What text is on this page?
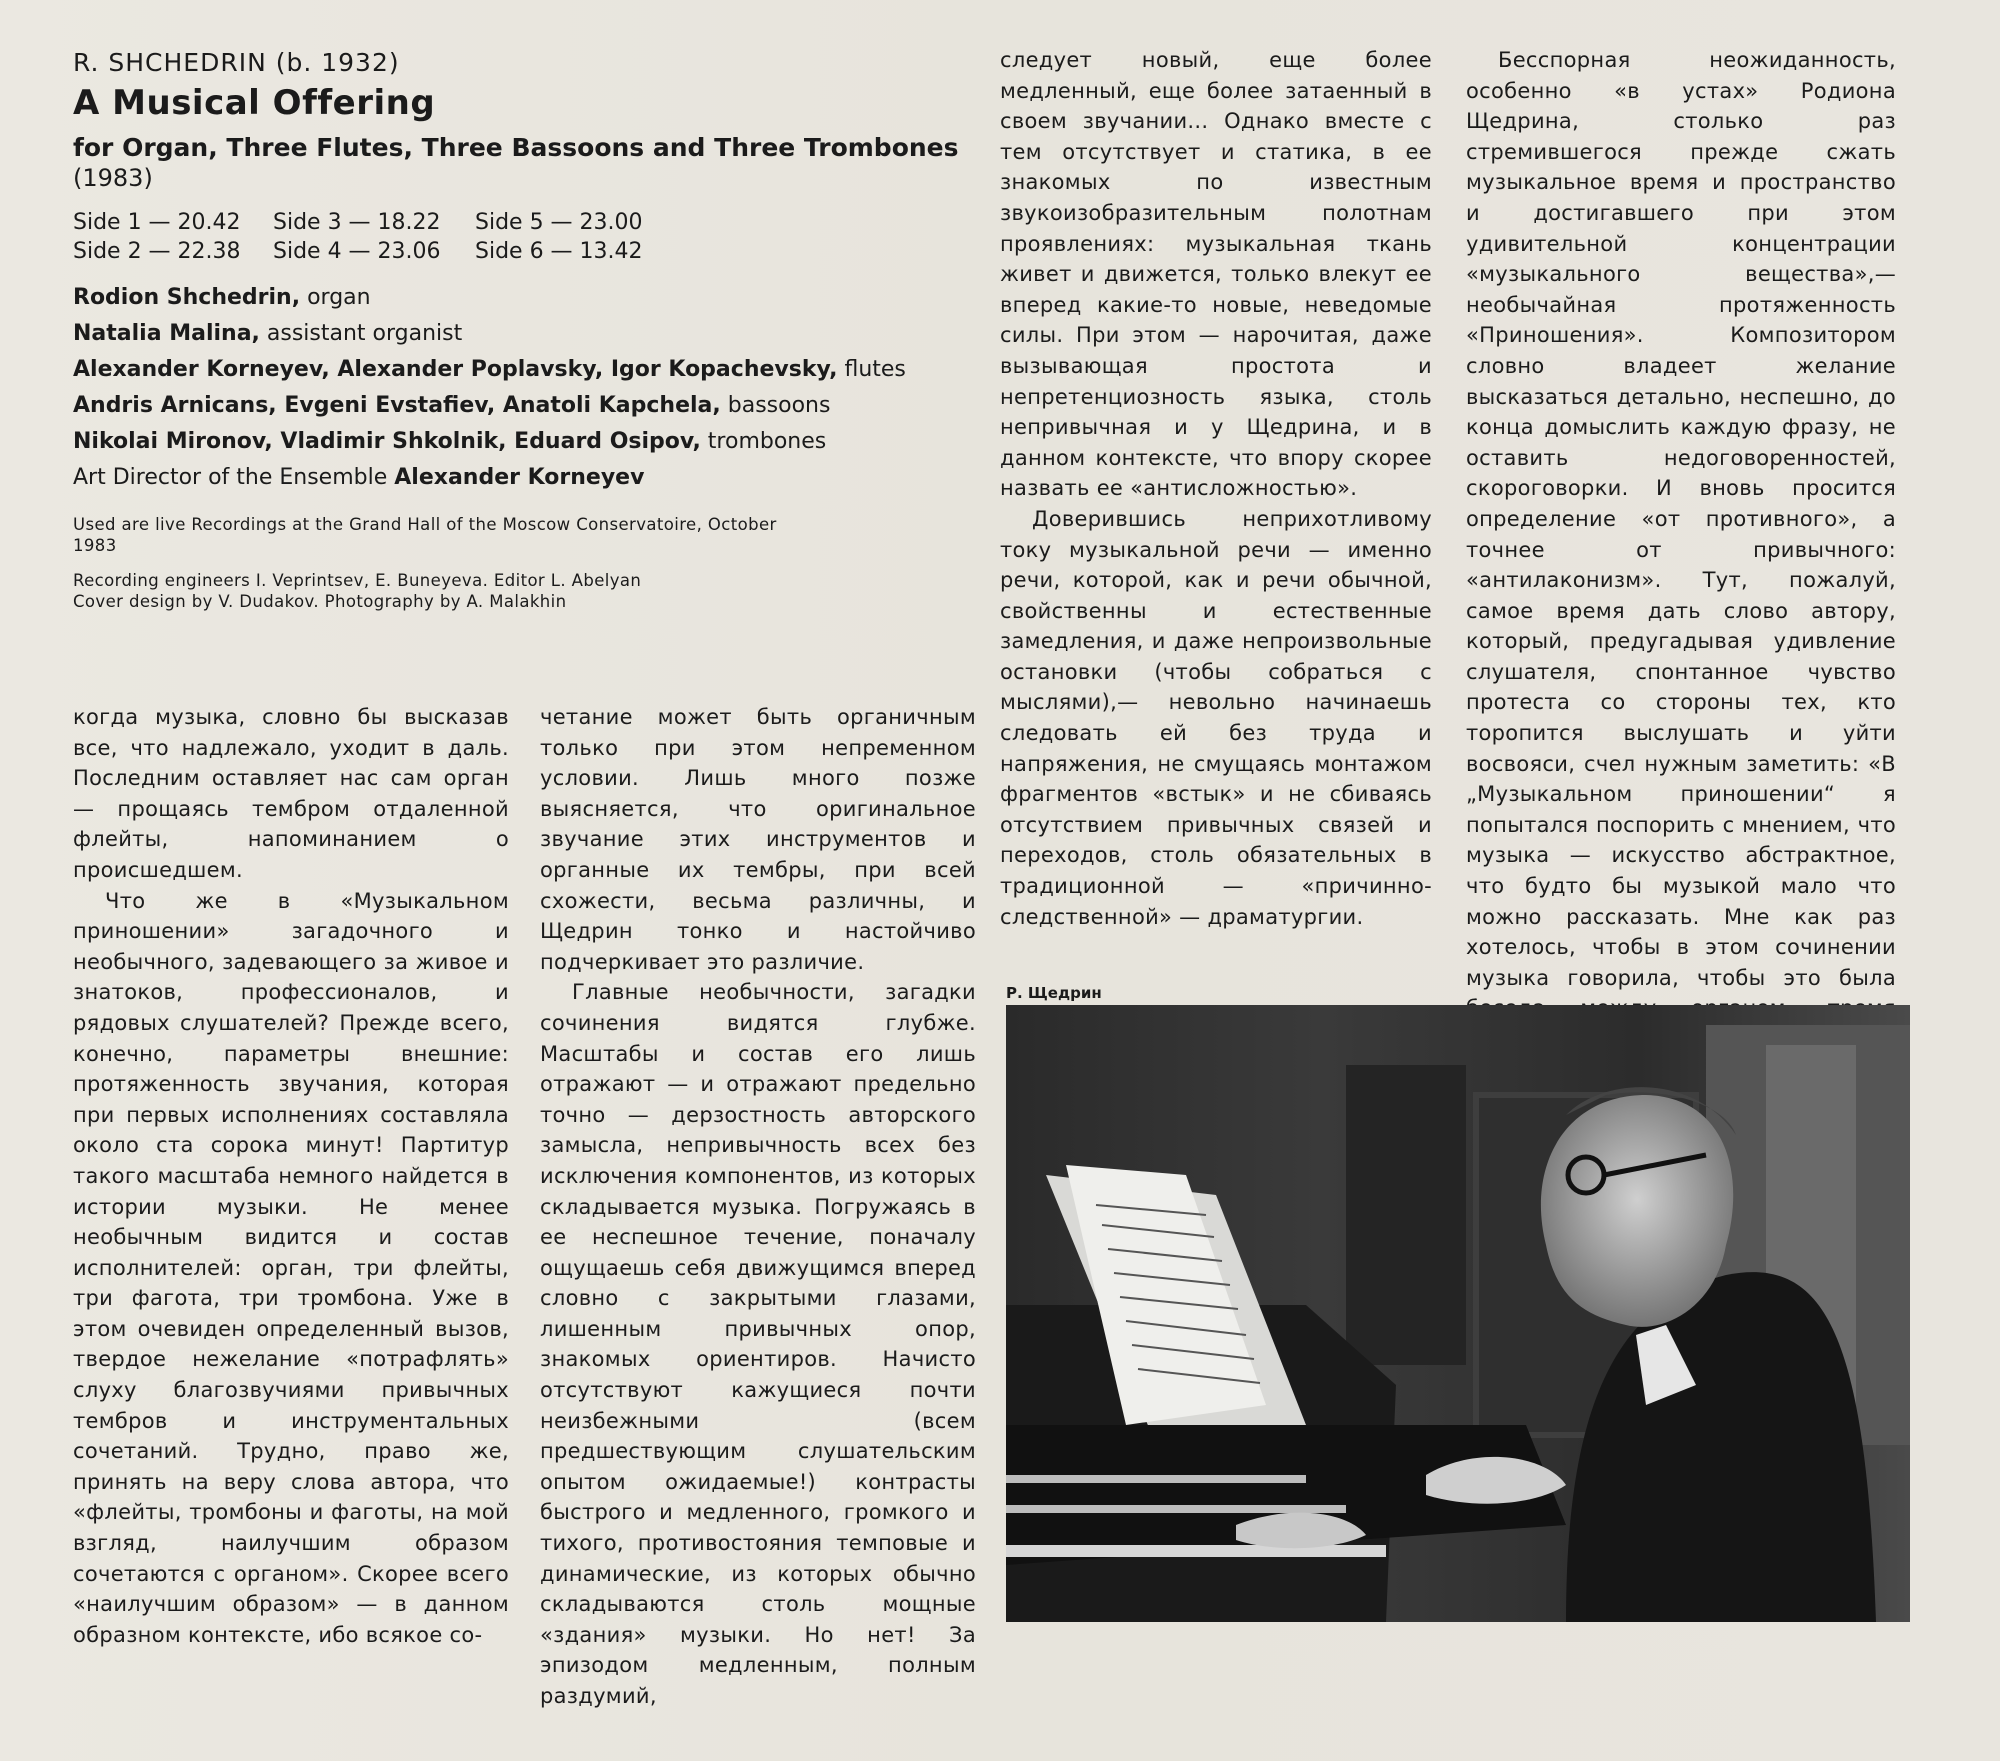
R. SHCHEDRIN (b. 1932)

A Musical Offering

for Organ, Three Flutes, Three Bassoons and Three Trombones

(1983)

Side 1 — 20.42	Side 3 — 18.22	Side 5 — 23.00
Side 2 — 22.38	Side 4 — 23.06	Side 6 — 13.42
Rodion Shchedrin, organ
Natalia Malina, assistant organist
Alexander Korneyev, Alexander Poplavsky, Igor Kopachevsky, flutes
Andris Arnicans, Evgeni Evstafiev, Anatoli Kapchela, bassoons
Nikolai Mironov, Vladimir Shkolnik, Eduard Osipov, trombones
Art Director of the Ensemble Alexander Korneyev
Used are live Recordings at the Grand Hall of the Moscow Conservatoire, October 1983
Recording engineers I. Veprintsev, E. Buneyeva. Editor L. Abelyan
Cover design by V. Dudakov. Photography by A. Malakhin

когда музыка, словно бы высказав все, что надлежало, уходит в даль. Последним оставляет нас сам орган — прощаясь тембром отдаленной флейты, напоминанием о происшедшем.

Что же в «Музыкальном приношении» загадочного и необычного, задевающего за живое и знатоков, профессионалов, и рядовых слушателей? Прежде всего, конечно, параметры внешние: протяженность звучания, которая при первых исполнениях составляла около ста сорока минут! Партитур такого масштаба немного найдется в истории музыки. Не менее необычным видится и состав исполнителей: орган, три флейты, три фагота, три тромбона. Уже в этом очевиден определенный вызов, твердое нежелание «потрафлять» слуху благозвучиями привычных тембров и инструментальных сочетаний. Трудно, право же, принять на веру слова автора, что «флейты, тромбоны и фаготы, на мой взгляд, наилучшим образом сочетаются с органом». Скорее всего «наилучшим образом» — в данном образном контексте, ибо всякое со-

четание может быть органичным только при этом непременном условии. Лишь много позже выясняется, что оригинальное звучание этих инструментов и органные их тембры, при всей схожести, весьма различны, и Щедрин тонко и настойчиво подчеркивает это различие.

Главные необычности, загадки сочинения видятся глубже. Масштабы и состав его лишь отражают — и отражают предельно точно — дерзостность авторского замысла, непривычность всех без исключения компонентов, из которых складывается музыка. Погружаясь в ее неспешное течение, поначалу ощущаешь себя движущимся вперед словно с закрытыми глазами, лишенным привычных опор, знакомых ориентиров. Начисто отсутствуют кажущиеся почти неизбежными (всем предшествующим слушательским опытом ожидаемые!) контрасты быстрого и медленного, громкого и тихого, противостояния темповые и динамические, из которых обычно складываются столь мощные «здания» музыки. Но нет! За эпизодом медленным, полным раздумий,

следует новый, еще более медленный, еще более затаенный в своем звучании... Однако вместе с тем отсутствует и статика, в ее знакомых по известным звукоизобразительным полотнам проявлениях: музыкальная ткань живет и движется, только влекут ее вперед какие-то новые, неведомые силы. При этом — нарочитая, даже вызывающая простота и непретенциозность языка, столь непривычная и у Щедрина, и в данном контексте, что впору скорее назвать ее «антисложностью».

Доверившись неприхотливому току музыкальной речи — именно речи, которой, как и речи обычной, свойственны и естественные замедления, и даже непроизвольные остановки (чтобы собраться с мыслями),— невольно начинаешь следовать ей без труда и напряжения, не смущаясь монтажом фрагментов «встык» и не сбиваясь отсутствием привычных связей и переходов, столь обязательных в традиционной — «причинно-следственной» — драматургии.

Бесспорная неожиданность, особенно «в устах» Родиона Щедрина, столько раз стремившегося прежде сжать музыкальное время и пространство и достигавшего при этом удивительной концентрации «музыкального вещества»,— необычайная протяженность «Приношения». Композитором словно владеет желание высказаться детально, неспешно, до конца домыслить каждую фразу, не оставить недоговоренностей, скороговорки. И вновь просится определение «от противного», а точнее от привычного: «антилаконизм». Тут, пожалуй, самое время дать слово автору, который, предугадывая удивление слушателя, спонтанное чувство протеста со стороны тех, кто торопится выслушать и уйти восвояси, счел нужным заметить: «В „Музыкальном приношении“ я попытался поспорить с мнением, что музыка — искусство абстрактное, что будто бы музыкой мало что можно рассказать. Мне как раз хотелось, чтобы в этом сочинении музыка говорила, чтобы это была

Р. Щедрин
